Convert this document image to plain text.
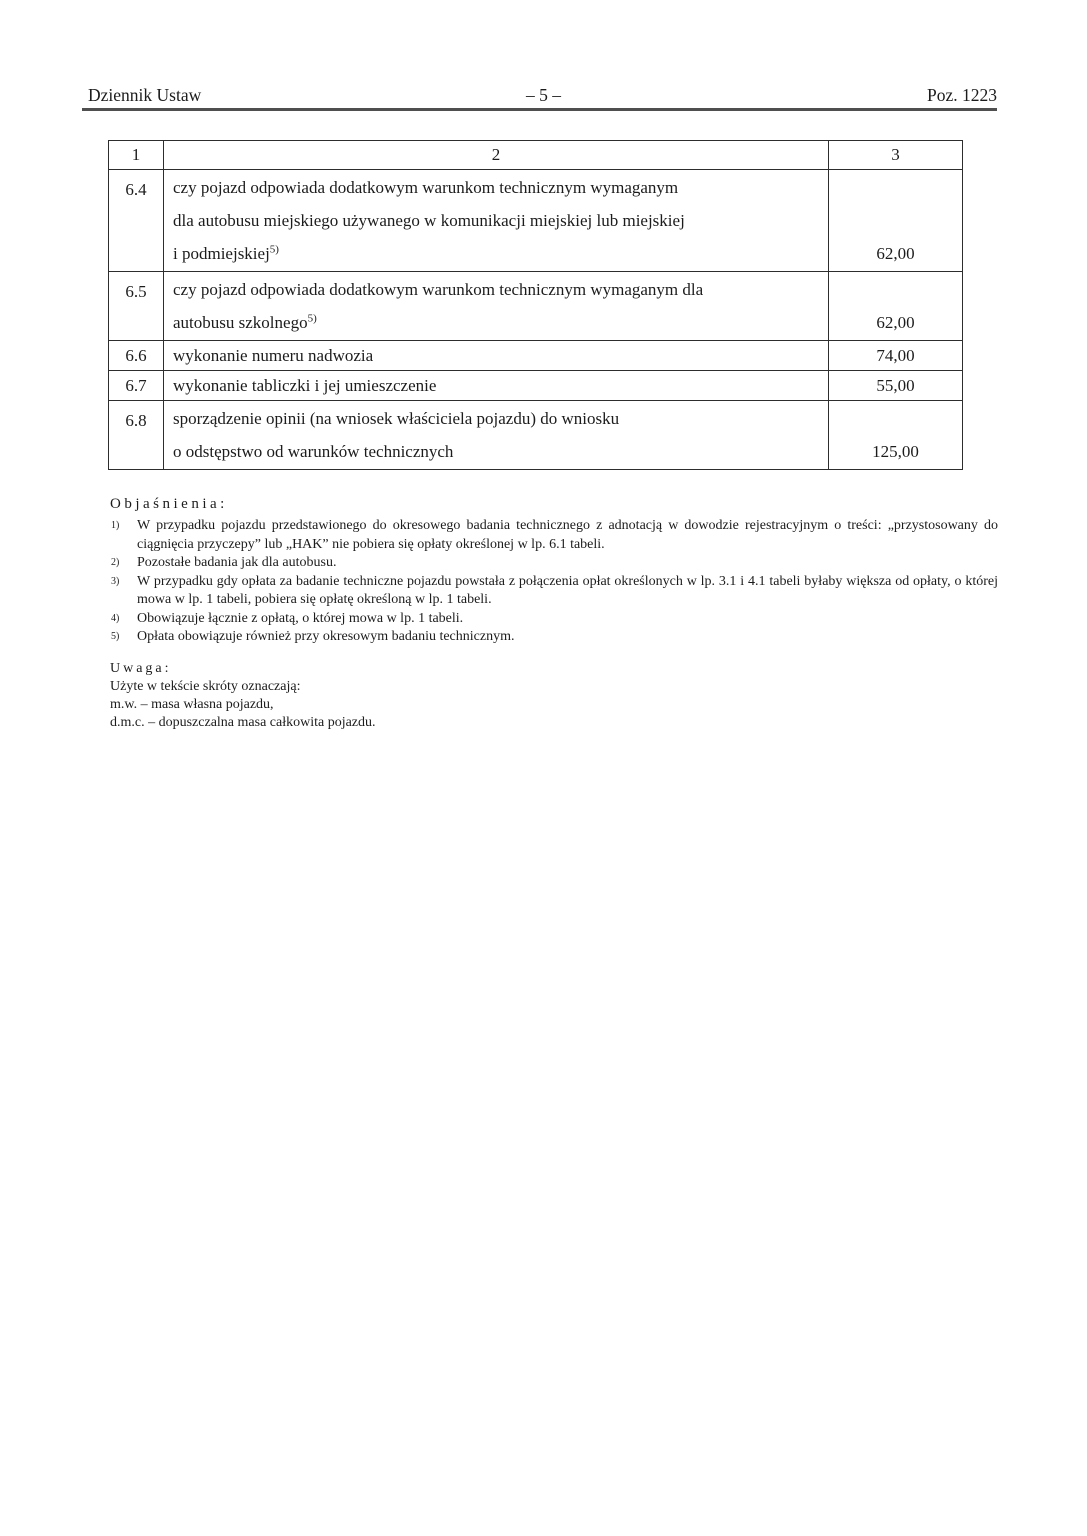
Dziennik Ustaw	– 5 –	Poz. 1223
1	2	3

6.4	czy pojazd odpowiada dodatkowym warunkom technicznym wymaganym
dla autobusu miejskiego używanego w komunikacji miejskiej lub miejskiej
i podmiejskiej$^{5)}$	62,00

6.5	czy pojazd odpowiada dodatkowym warunkom technicznym wymaganym dla
autobusu szkolnego$^{5)}$	62,00
6.6	wykonanie numeru nadwozia	74,00
6.7	wykonanie tabliczki i jej umieszczenie	55,00

6.8	sporządzenie opinii (na wniosek właściciela pojazdu) do wniosku
o odstępstwo od warunków technicznych	125,00
Objaśnienia:
1) W przypadku pojazdu przedstawionego do okresowego badania technicznego z adnotacją w dowodzie rejestracyjnym o treści: „przystosowany do ciągnięcia przyczepy” lub „HAK” nie pobiera się opłaty określonej w lp. 6.1 tabeli.
2) Pozostałe badania jak dla autobusu.
3) W przypadku gdy opłata za badanie techniczne pojazdu powstała z połączenia opłat określonych w lp. 3.1 i 4.1 tabeli byłaby większa od opłaty, o której mowa w lp. 1 tabeli, pobiera się opłatę określoną w lp. 1 tabeli.
4) Obowiązuje łącznie z opłatą, o której mowa w lp. 1 tabeli.
5) Opłata obowiązuje również przy okresowym badaniu technicznym.
Uwaga:
Użyte w tekście skróty oznaczają:
m.w. – masa własna pojazdu,
d.m.c. – dopuszczalna masa całkowita pojazdu.
